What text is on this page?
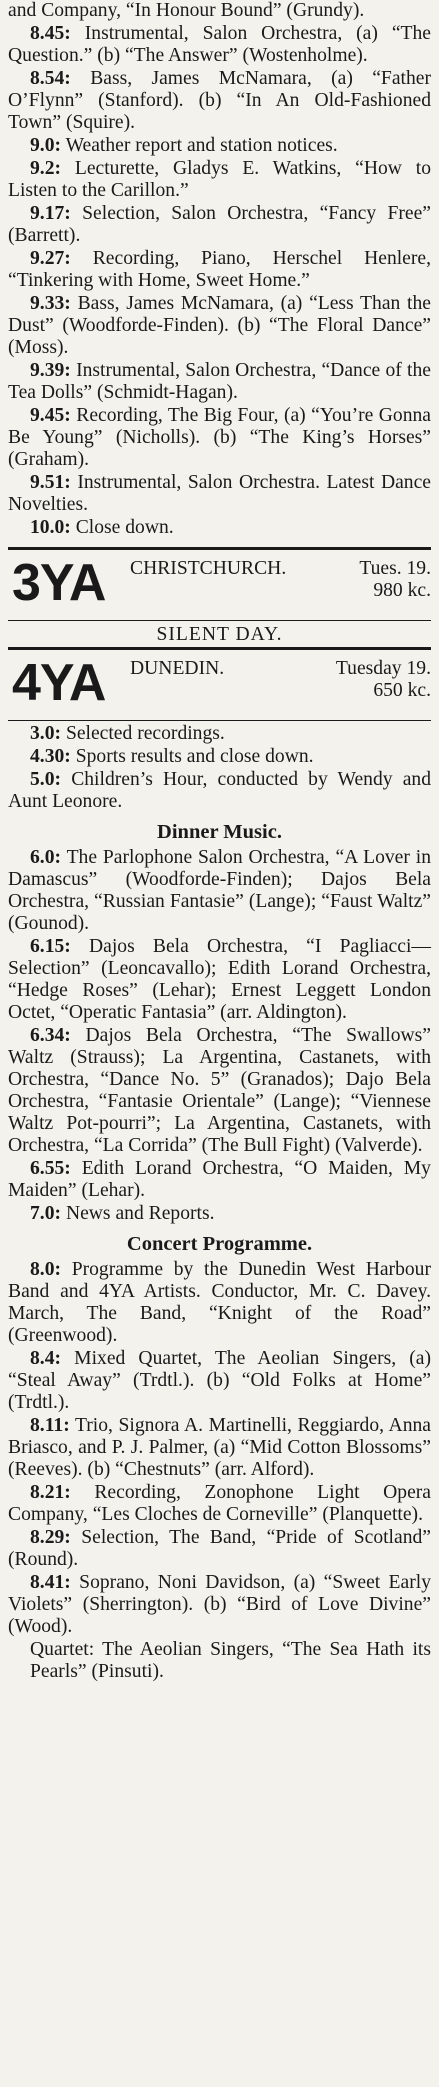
and Company, “In Honour Bound” (Grundy).
8.45: Instrumental, Salon Orchestra, (a) “The Question.” (b) “The Answer” (Wostenholme).
8.54: Bass, James McNamara, (a) “Father O’Flynn” (Stanford). (b) “In An Old-Fashioned Town” (Squire).
9.0: Weather report and station notices.
9.2: Lecturette, Gladys E. Watkins, “How to Listen to the Carillon.”
9.17: Selection, Salon Orchestra, “Fancy Free” (Barrett).
9.27: Recording, Piano, Herschel Henlere, “Tinkering with Home, Sweet Home.”
9.33: Bass, James McNamara, (a) “Less Than the Dust” (Woodforde-Finden). (b) “The Floral Dance” (Moss).
9.39: Instrumental, Salon Orchestra, “Dance of the Tea Dolls” (Schmidt-Hagan).
9.45: Recording, The Big Four, (a) “You’re Gonna Be Young” (Nicholls). (b) “The King’s Horses” (Graham).
9.51: Instrumental, Salon Orchestra. Latest Dance Novelties.
10.0: Close down.
3YA	CHRISTCHURCH.	Tues. 19.
980 kc.
SILENT DAY.
4YA	DUNEDIN.	Tuesday 19.
650 kc.
3.0: Selected recordings.
4.30: Sports results and close down.
5.0: Children’s Hour, conducted by Wendy and Aunt Leonore.
Dinner Music.
6.0: The Parlophone Salon Orchestra, “A Lover in Damascus” (Woodforde-Finden); Dajos Bela Orchestra, “Russian Fantasie” (Lange); “Faust Waltz” (Gounod).
6.15: Dajos Bela Orchestra, “I Pagliacci—Selection” (Leoncavallo); Edith Lorand Orchestra, “Hedge Roses” (Lehar); Ernest Leggett London Octet, “Operatic Fantasia” (arr. Aldington).
6.34: Dajos Bela Orchestra, “The Swallows” Waltz (Strauss); La Argentina, Castanets, with Orchestra, “Dance No. 5” (Granados); Dajo Bela Orchestra, “Fantasie Orientale” (Lange); “Viennese Waltz Pot-pourri”; La Argentina, Castanets, with Orchestra, “La Corrida” (The Bull Fight) (Valverde).
6.55: Edith Lorand Orchestra, “O Maiden, My Maiden” (Lehar).
7.0: News and Reports.
Concert Programme.
8.0: Programme by the Dunedin West Harbour Band and 4YA Artists. Conductor, Mr. C. Davey. March, The Band, “Knight of the Road” (Greenwood).
8.4: Mixed Quartet, The Aeolian Singers, (a) “Steal Away” (Trdtl.). (b) “Old Folks at Home” (Trdtl.).
8.11: Trio, Signora A. Martinelli, Reggiardo, Anna Briasco, and P. J. Palmer, (a) “Mid Cotton Blossoms” (Reeves). (b) “Chestnuts” (arr. Alford).
8.21: Recording, Zonophone Light Opera Company, “Les Cloches de Corneville” (Planquette).
8.29: Selection, The Band, “Pride of Scotland” (Round).
8.41: Soprano, Noni Davidson, (a) “Sweet Early Violets” (Sherrington). (b) “Bird of Love Divine” (Wood).
Quartet: The Aeolian Singers, “The Sea Hath its Pearls” (Pinsuti).
